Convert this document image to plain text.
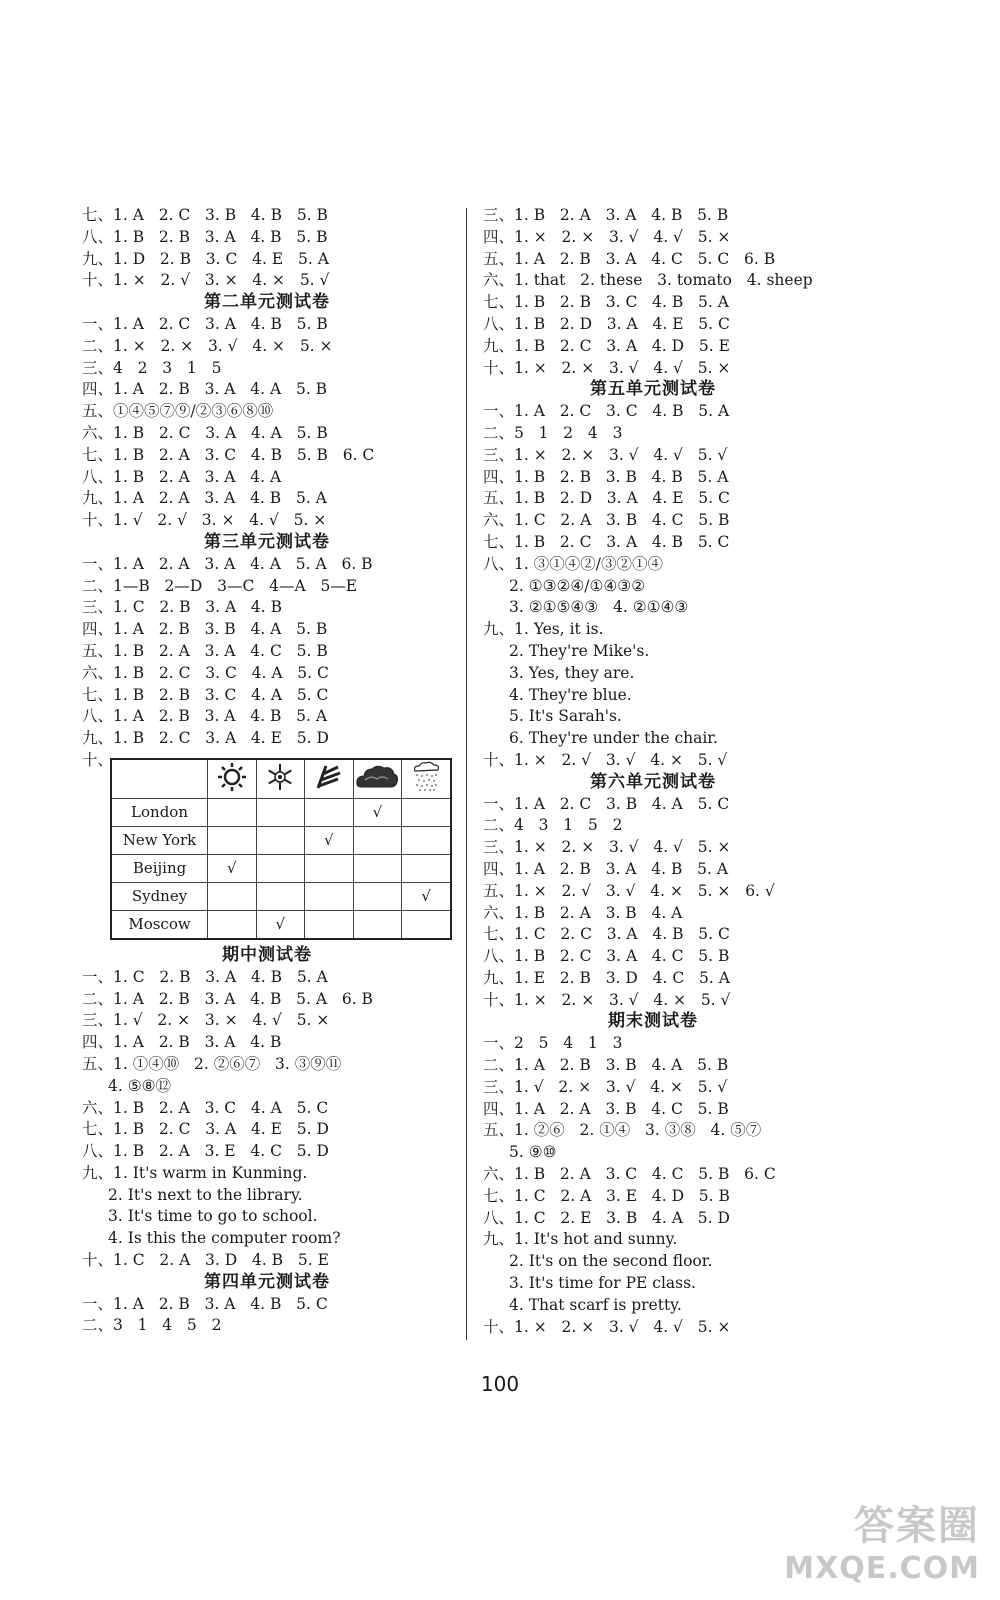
七、1. A   2. C   3. B   4. B   5. B
八、1. B   2. B   3. A   4. B   5. B
九、1. D   2. B   3. C   4. E   5. A
十、1. ×   2. √   3. ×   4. ×   5. √
第二单元测试卷
一、1. A   2. C   3. A   4. B   5. B
二、1. ×   2. ×   3. √   4. ×   5. ×
三、4   2   3   1   5
四、1. A   2. B   3. A   4. A   5. B
五、①④⑤⑦⑨/②③⑥⑧⑩
六、1. B   2. C   3. A   4. A   5. B
七、1. B   2. A   3. C   4. B   5. B   6. C
八、1. B   2. A   3. A   4. A
九、1. A   2. A   3. A   4. B   5. A
十、1. √   2. √   3. ×   4. √   5. ×
第三单元测试卷
一、1. A   2. A   3. A   4. A   5. A   6. B
二、1—B   2—D   3—C   4—A   5—E
三、1. C   2. B   3. A   4. B
四、1. A   2. B   3. B   4. A   5. B
五、1. B   2. A   3. A   4. C   5. B
六、1. B   2. C   3. C   4. A   5. C
七、1. B   2. B   3. C   4. A   5. C
八、1. A   2. B   3. A   4. B   5. A
九、1. B   2. C   3. A   4. E   5. D
十、

London				√	
New York			√		
Beijing	√				
Sydney					√
Moscow		√			
期中测试卷
一、1. C   2. B   3. A   4. B   5. A
二、1. A   2. B   3. A   4. B   5. A   6. B
三、1. √   2. ×   3. ×   4. √   5. ×
四、1. A   2. B   3. A   4. B
五、1. ①④⑩   2. ②⑥⑦   3. ③⑨⑪
4. ⑤⑧⑫
六、1. B   2. A   3. C   4. A   5. C
七、1. B   2. C   3. A   4. E   5. D
八、1. B   2. A   3. E   4. C   5. D
九、1. It's warm in Kunming.
2. It's next to the library.
3. It's time to go to school.
4. Is this the computer room?
十、1. C   2. A   3. D   4. B   5. E
第四单元测试卷
一、1. A   2. B   3. A   4. B   5. C
二、3   1   4   5   2
三、1. B   2. A   3. A   4. B   5. B
四、1. ×   2. ×   3. √   4. √   5. ×
五、1. A   2. B   3. A   4. C   5. C   6. B
六、1. that   2. these   3. tomato   4. sheep
七、1. B   2. B   3. C   4. B   5. A
八、1. B   2. D   3. A   4. E   5. C
九、1. B   2. C   3. A   4. D   5. E
十、1. ×   2. ×   3. √   4. √   5. ×
第五单元测试卷
一、1. A   2. C   3. C   4. B   5. A
二、5   1   2   4   3
三、1. ×   2. ×   3. √   4. √   5. √
四、1. B   2. B   3. B   4. B   5. A
五、1. B   2. D   3. A   4. E   5. C
六、1. C   2. A   3. B   4. C   5. B
七、1. B   2. C   3. A   4. B   5. C
八、1. ③①④②/③②①④
2. ①③②④/①④③②
3. ②①⑤④③   4. ②①④③
九、1. Yes, it is.
2. They're Mike's.
3. Yes, they are.
4. They're blue.
5. It's Sarah's.
6. They're under the chair.
十、1. ×   2. √   3. √   4. ×   5. √
第六单元测试卷
一、1. A   2. C   3. B   4. A   5. C
二、4   3   1   5   2
三、1. ×   2. ×   3. √   4. √   5. ×
四、1. A   2. B   3. A   4. B   5. A
五、1. ×   2. √   3. √   4. ×   5. ×   6. √
六、1. B   2. A   3. B   4. A
七、1. C   2. C   3. A   4. B   5. C
八、1. B   2. C   3. A   4. C   5. B
九、1. E   2. B   3. D   4. C   5. A
十、1. ×   2. ×   3. √   4. ×   5. √
期末测试卷
一、2   5   4   1   3
二、1. A   2. B   3. B   4. A   5. B
三、1. √   2. ×   3. √   4. ×   5. √
四、1. A   2. A   3. B   4. C   5. B
五、1. ②⑥   2. ①④   3. ③⑧   4. ⑤⑦
5. ⑨⑩
六、1. B   2. A   3. C   4. C   5. B   6. C
七、1. C   2. A   3. E   4. D   5. B
八、1. C   2. E   3. B   4. A   5. D
九、1. It's hot and sunny.
2. It's on the second floor.
3. It's time for PE class.
4. That scarf is pretty.
十、1. ×   2. ×   3. √   4. √   5. ×
100
答案圈
MXQE.COM
